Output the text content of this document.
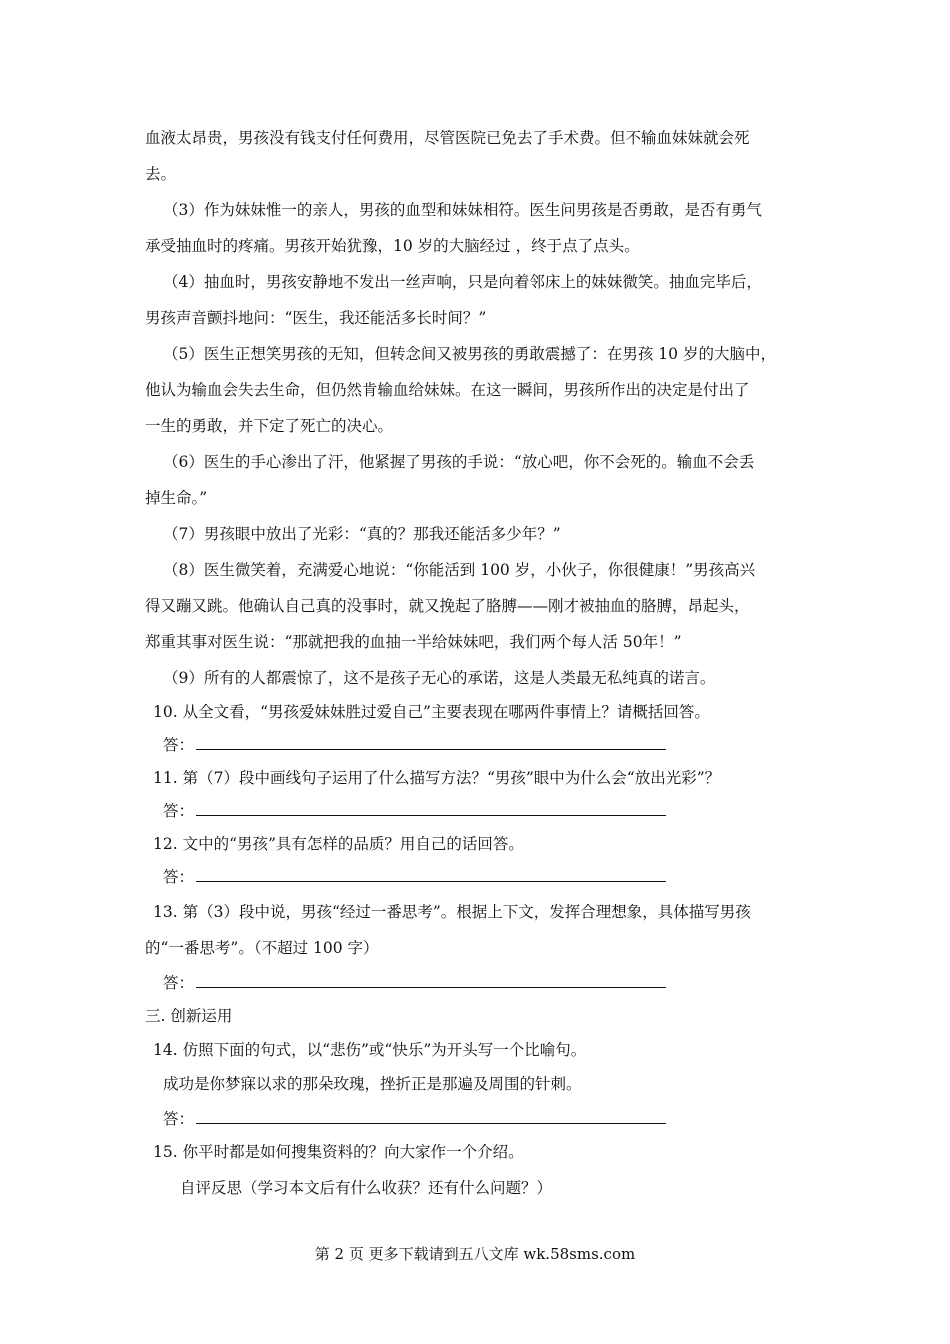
血液太昂贵，男孩没有钱支付任何费用，尽管医院已免去了手术费。但不输血妹妹就会死
去。
（3）作为妹妹惟一的亲人，男孩的血型和妹妹相符。医生问男孩是否勇敢，是否有勇气
承受抽血时的疼痛。男孩开始犹豫，10 岁的大脑经过 ，终于点了点头。
（4）抽血时，男孩安静地不发出一丝声响，只是向着邻床上的妹妹微笑。抽血完毕后，
男孩声音颤抖地问：“医生，我还能活多长时间？”
（5）医生正想笑男孩的无知，但转念间又被男孩的勇敢震撼了：在男孩 10 岁的大脑中，
他认为输血会失去生命，但仍然肯输血给妹妹。在这一瞬间，男孩所作出的决定是付出了
一生的勇敢，并下定了死亡的决心。
（6）医生的手心渗出了汗，他紧握了男孩的手说：“放心吧，你不会死的。输血不会丢
掉生命。”
（7）男孩眼中放出了光彩：“真的？那我还能活多少年？”
（8）医生微笑着，充满爱心地说：“你能活到 100 岁，小伙子，你很健康！”男孩高兴
得又蹦又跳。他确认自己真的没事时，就又挽起了胳膊——刚才被抽血的胳膊，昂起头，
郑重其事对医生说：“那就把我的血抽一半给妹妹吧，我们两个每人活 50年！”
（9）所有的人都震惊了，这不是孩子无心的承诺，这是人类最无私纯真的诺言。
10. 从全文看，“男孩爱妹妹胜过爱自己”主要表现在哪两件事情上？请概括回答。
答：
11. 第（7）段中画线句子运用了什么描写方法？“男孩”眼中为什么会“放出光彩”？
答：
12. 文中的“男孩”具有怎样的品质？用自己的话回答。
答：
13. 第（3）段中说，男孩“经过一番思考”。根据上下文，发挥合理想象，具体描写男孩
的“一番思考”。（不超过 100 字）
答：
三. 创新运用
14. 仿照下面的句式，以“悲伤”或“快乐”为开头写一个比喻句。
成功是你梦寐以求的那朵玫瑰，挫折正是那遍及周围的针刺。
答：
15. 你平时都是如何搜集资料的？向大家作一个介绍。
自评反思（学习本文后有什么收获？还有什么问题？）
第 2 页 更多下载请到五八文库 wk.58sms.com
